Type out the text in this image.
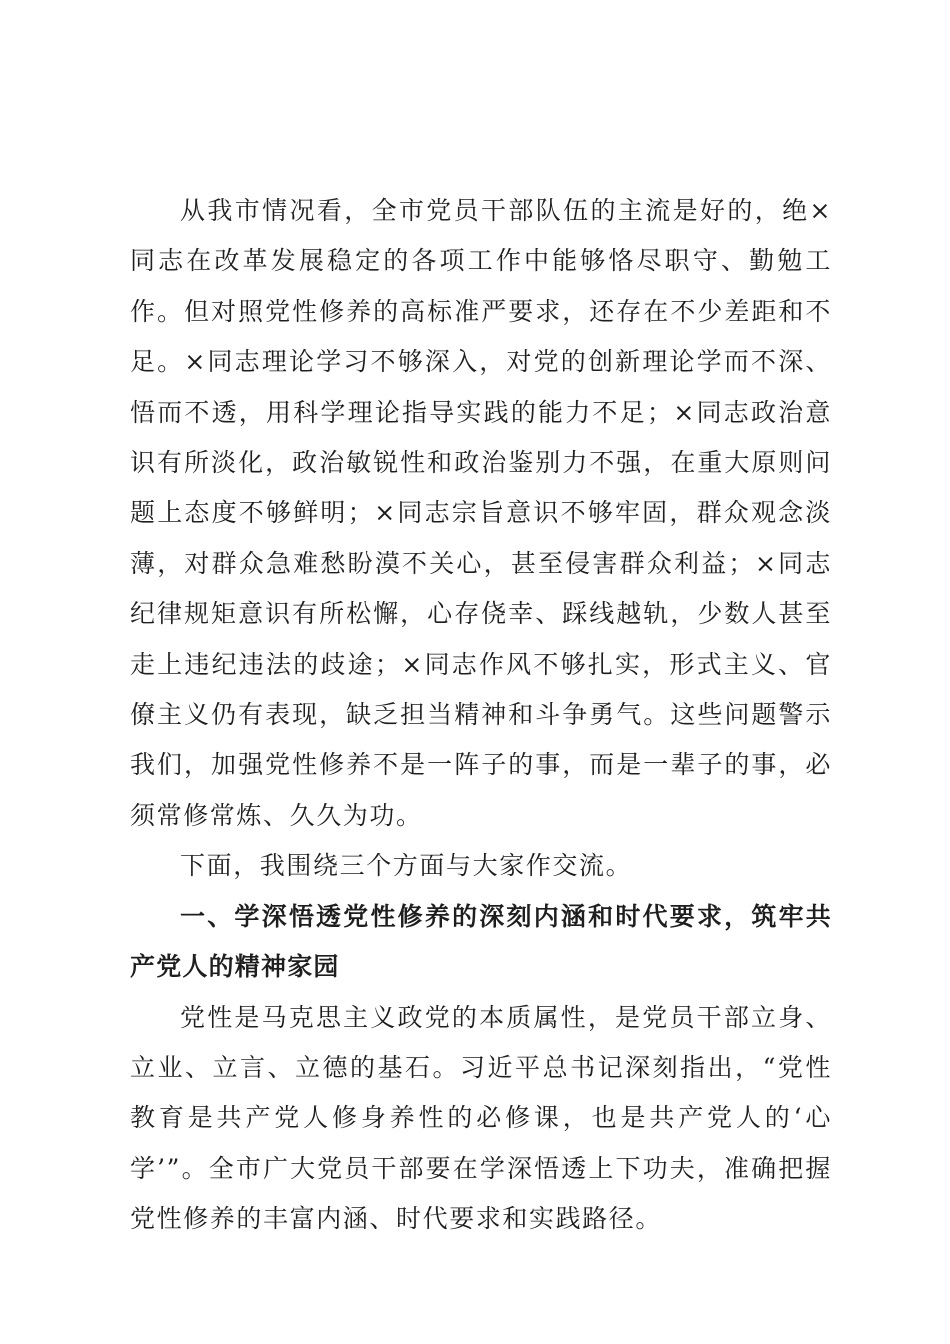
从我市情况看，全市党员干部队伍的主流是好的，绝×同志在改革发展稳定的各项工作中能够恪尽职守、勤勉工作。但对照党性修养的高标准严要求，还存在不少差距和不足。×同志理论学习不够深入，对党的创新理论学而不深、悟而不透，用科学理论指导实践的能力不足；×同志政治意识有所淡化，政治敏锐性和政治鉴别力不强，在重大原则问题上态度不够鲜明；×同志宗旨意识不够牢固，群众观念淡薄，对群众急难愁盼漠不关心，甚至侵害群众利益；×同志纪律规矩意识有所松懈，心存侥幸、踩线越轨，少数人甚至走上违纪违法的歧途；×同志作风不够扎实，形式主义、官僚主义仍有表现，缺乏担当精神和斗争勇气。这些问题警示我们，加强党性修养不是一阵子的事，而是一辈子的事，必须常修常炼、久久为功。

下面，我围绕三个方面与大家作交流。

一、学深悟透党性修养的深刻内涵和时代要求，筑牢共产党人的精神家园

党性是马克思主义政党的本质属性，是党员干部立身、立业、立言、立德的基石。习近平总书记深刻指出，“党性教育是共产党人修身养性的必修课，也是共产党人的‘心学’”。全市广大党员干部要在学深悟透上下功夫，准确把握党性修养的丰富内涵、时代要求和实践路径。
